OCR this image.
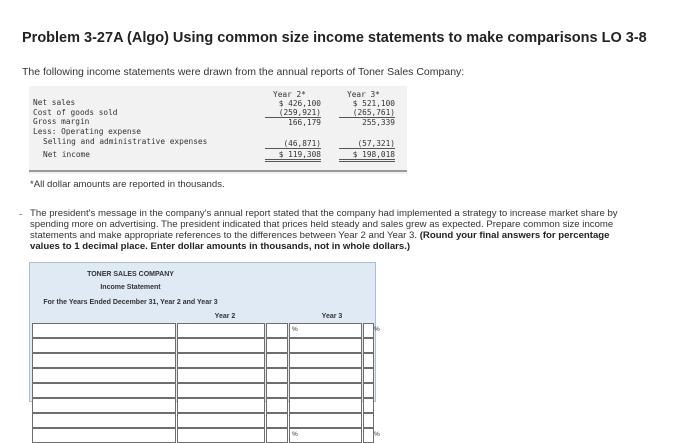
Problem 3-27A (Algo) Using common size income statements to make comparisons LO 3-8
The following income statements were drawn from the annual reports of Toner Sales Company:
Year 2*	Year 3*
Net sales	$ 426,100	$ 521,100
Cost of goods sold	(259,921)	(265,761)
Gross margin	166,179	255,339
Less: Operating expense
Selling and administrative expenses	(46,871)	(57,321)
Net income	$ 119,308	$ 198,018
*All dollar amounts are reported in thousands.
- The president's message in the company's annual report stated that the company had implemented a strategy to increase market share by spending more on advertising. The president indicated that prices held steady and sales grew as expected. Prepare common size income statements and make appropriate references to the differences between Year 2 and Year 3. (Round your final answers for percentage values to 1 decimal place. Enter dollar amounts in thousands, not in whole dollars.)
TONER SALES COMPANY
Income Statement
For the Years Ended December 31, Year 2 and Year 3
Year 2	Year 3
%	%
%	%
